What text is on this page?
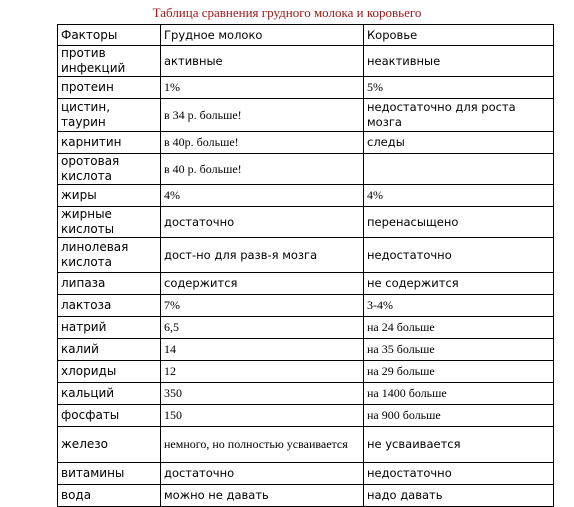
Таблица сравнения грудного молока и коровьего
Факторы	Грудное молоко	Коровье
против инфекций	активные	неактивные
протеин	1%	5%
цистин, таурин	в 34 р. больше!	недостаточно для роста мозга
карнитин	в 40р. больше!	следы
оротовая кислота	в 40 р. больше!	
жиры	4%	4%
жирные кислоты	достаточно	перенасыщено
линолевая кислота	дост-но для разв-я мозга	недостаточно
липаза	содержится	не содержится
лактоза	7%	3-4%
натрий	6,5	на 24 больше
калий	14	на 35 больше
хлориды	12	на 29 больше
кальций	350	на 1400 больше
фосфаты	150	на 900 больше
железо	немного, но полностью усваивается	не усваивается
витамины	достаточно	недостаточно
вода	можно не давать	надо давать
